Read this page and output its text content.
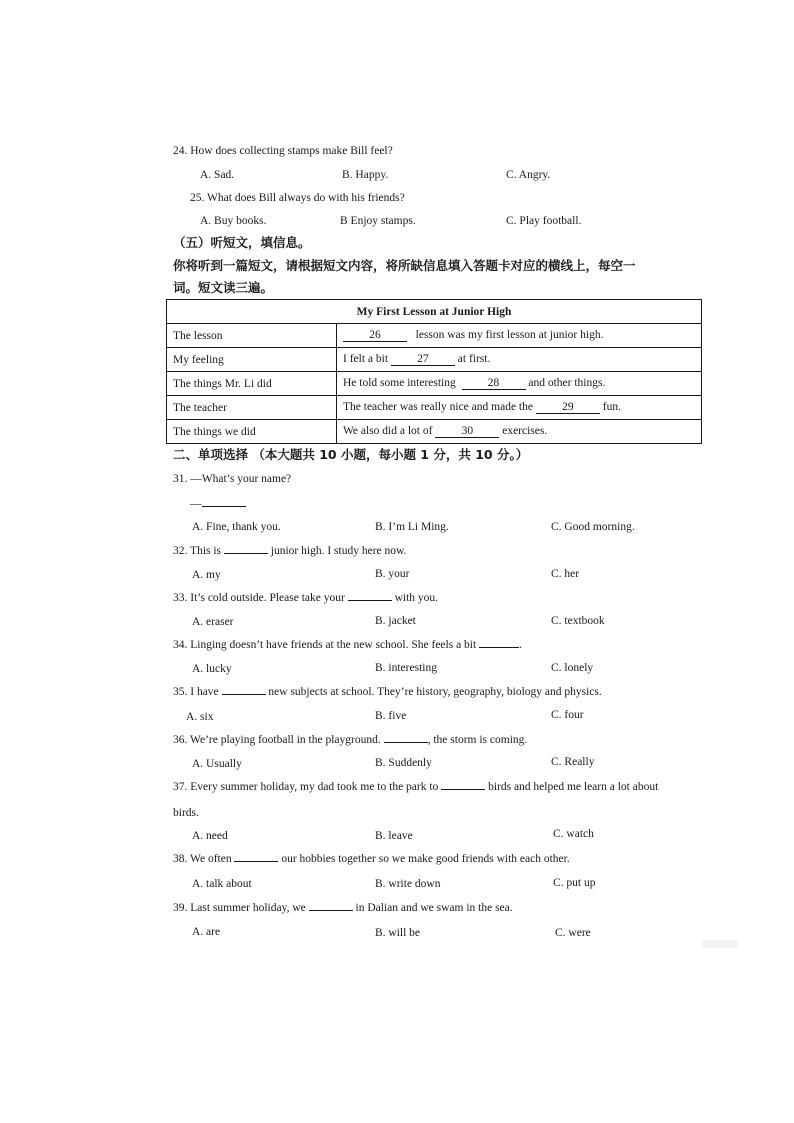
24. How does collecting stamps make Bill feel?
A. Sad.	B. Happy.	C. Angry.
25. What does Bill always do with his friends?
A. Buy books.	B Enjoy stamps.	C. Play football.
（五）听短文，填信息。
你将听到一篇短文，请根据短文内容，将所缺信息填入答题卡对应的横线上，每空一
词。短文读三遍。
My First Lesson at Junior High	
The lesson	26 lesson was my first lesson at junior high.
My feeling	I felt a bit 27 at first.
The things Mr. Li did	He told some interesting 28 and other things.
The teacher	The teacher was really nice and made the 29 fun.
The things we did	We also did a lot of 30 exercises.
二、单项选择 （本大题共 10 小题，每小题 1 分，共 10 分。）
31. —What’s your name?
—
A. Fine, thank you.	B. I’m Li Ming.	C. Good morning.
32. This is	junior high. I study here now.
A. my	B. your	C. her
33. It’s cold outside. Please take your	with you.
A. eraser	B. jacket	C. textbook
34. Linging doesn’t have friends at the new school. She feels a bit	.
A. lucky	B. interesting	C. lonely
35. I have	new subjects at school. They’re history, geography, biology and physics.
A. six	B. five	C. four
36. We’re playing football in the playground.	, the storm is coming.
A. Usually	B. Suddenly	C. Really
37. Every summer holiday, my dad took me to the park to	birds and helped me learn a lot about
birds.
A. need	B. leave	C. watch
38. We often	our hobbies together so we make good friends with each other.
A. talk about	B. write down	C. put up
39. Last summer holiday, we	in Dalian and we swam in the sea.
A. are	B. will be	C. were
